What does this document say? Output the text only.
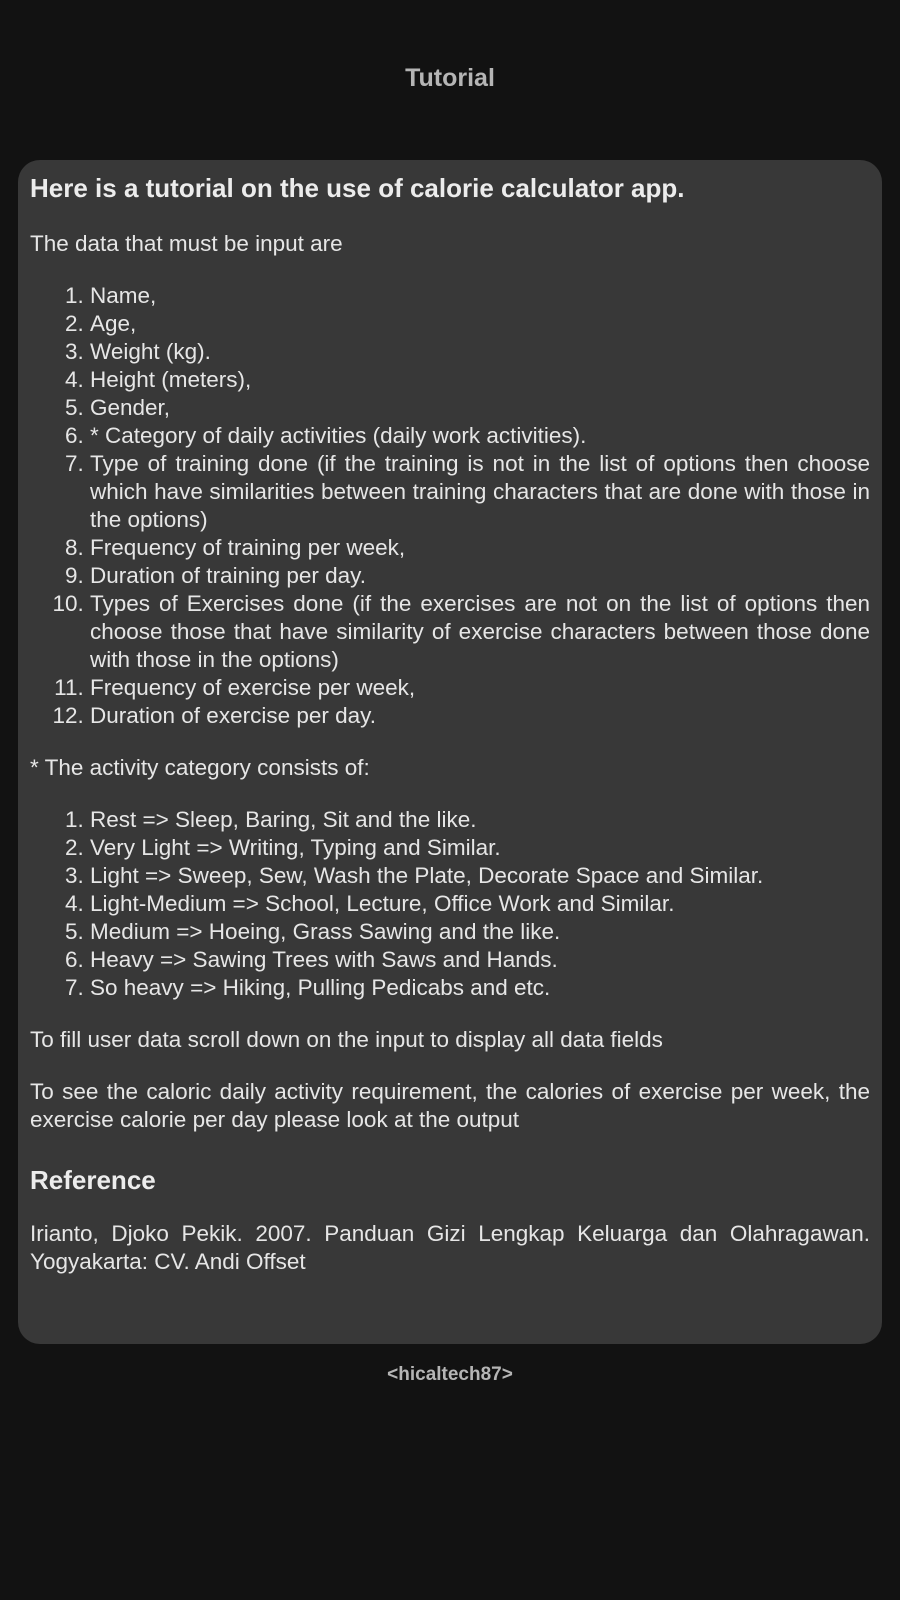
Tutorial
Here is a tutorial on the use of calorie calculator app.

The data that must be input are

1. Name,
2. Age,
3. Weight (kg).
4. Height (meters),
5. Gender,
6. * Category of daily activities (daily work activities).
7. Type of training done (if the training is not in the list of options then choose which have similarities between training characters that are done with those in the options)
8. Frequency of training per week,
9. Duration of training per day.
10. Types of Exercises done (if the exercises are not on the list of options then choose those that have similarity of exercise characters between those done with those in the options)
11. Frequency of exercise per week,
12. Duration of exercise per day.

* The activity category consists of:

1. Rest => Sleep, Baring, Sit and the like.
2. Very Light => Writing, Typing and Similar.
3. Light => Sweep, Sew, Wash the Plate, Decorate Space and Similar.
4. Light-Medium => School, Lecture, Office Work and Similar.
5. Medium => Hoeing, Grass Sawing and the like.
6. Heavy => Sawing Trees with Saws and Hands.
7. So heavy => Hiking, Pulling Pedicabs and etc.

To fill user data scroll down on the input to display all data fields

To see the caloric daily activity requirement, the calories of exercise per week, the exercise calorie per day please look at the output

Reference

Irianto, Djoko Pekik. 2007. Panduan Gizi Lengkap Keluarga dan Olahragawan. Yogyakarta: CV. Andi Offset

<hicaltech87>
